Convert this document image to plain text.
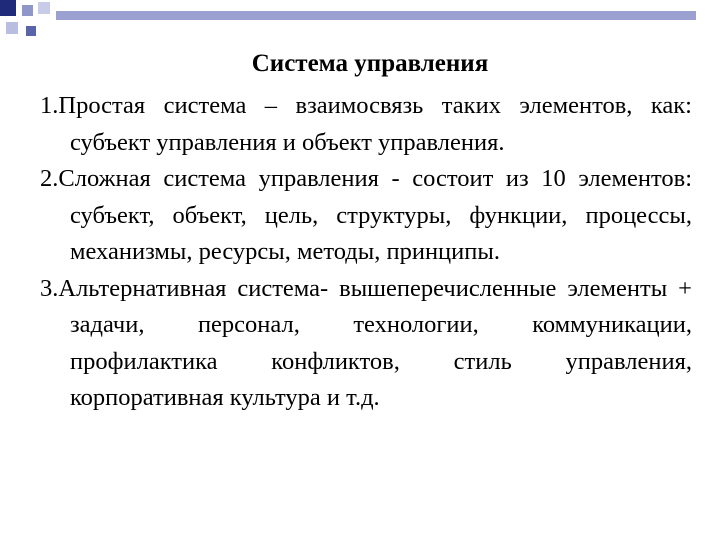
Система управления
1.Простая система – взаимосвязь таких элементов, как: субъект управления и объект управления.
2.Сложная система управления - состоит из 10 элементов: субъект, объект, цель, структуры, функции, процессы, механизмы, ресурсы, методы, принципы.
3.Альтернативная система- вышеперечисленные элементы + задачи, персонал, технологии, коммуникации, профилактика конфликтов, стиль управления, корпоративная культура и т.д.
